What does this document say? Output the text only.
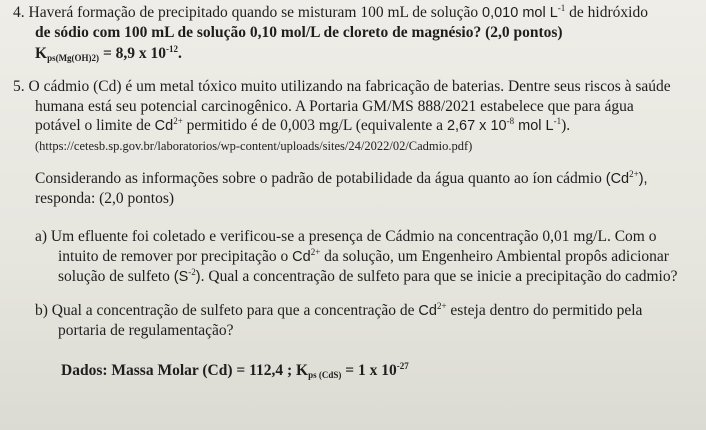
4. Haverá formação de precipitado quando se misturam 100 mL de solução 0,010 mol $L^{-1}$ de hidróxido
de sódio com 100 mL de solução 0,10 mol/L de cloreto de magnésio? (2,0 pontos)
$K_{ps(Mg(OH)2)} = 8,9$ x $10^{-12}$.
5. O cádmio (Cd) é um metal tóxico muito utilizando na fabricação de baterias. Dentre seus riscos à saúde
humana está seu potencial carcinogênico. A Portaria GM/MS 888/2021 estabelece que para água
potável o limite de $Cd^{2+}$ permitido é de 0,003 mg/L (equivalente a 2,67 x $10^{-8}$ mol $L^{-1}$).
(https://cetesb.sp.gov.br/laboratorios/wp-content/uploads/sites/24/2022/02/Cadmio.pdf)
Considerando as informações sobre o padrão de potabilidade da água quanto ao íon cádmio $(Cd^{2+})$,
responda: (2,0 pontos)
a) Um efluente foi coletado e verificou-se a presença de Cádmio na concentração 0,01 mg/L. Com o
intuito de remover por precipitação o $Cd^{2+}$ da solução, um Engenheiro Ambiental propôs adicionar
solução de sulfeto $(S^{-2})$. Qual a concentração de sulfeto para que se inicie a precipitação do cadmio?
b) Qual a concentração de sulfeto para que a concentração de $Cd^{2+}$ esteja dentro do permitido pela
portaria de regulamentação?
Dados: Massa Molar (Cd) = 112,4 ; $K_{ps (CdS)} = 1$ x $10^{-27}$
